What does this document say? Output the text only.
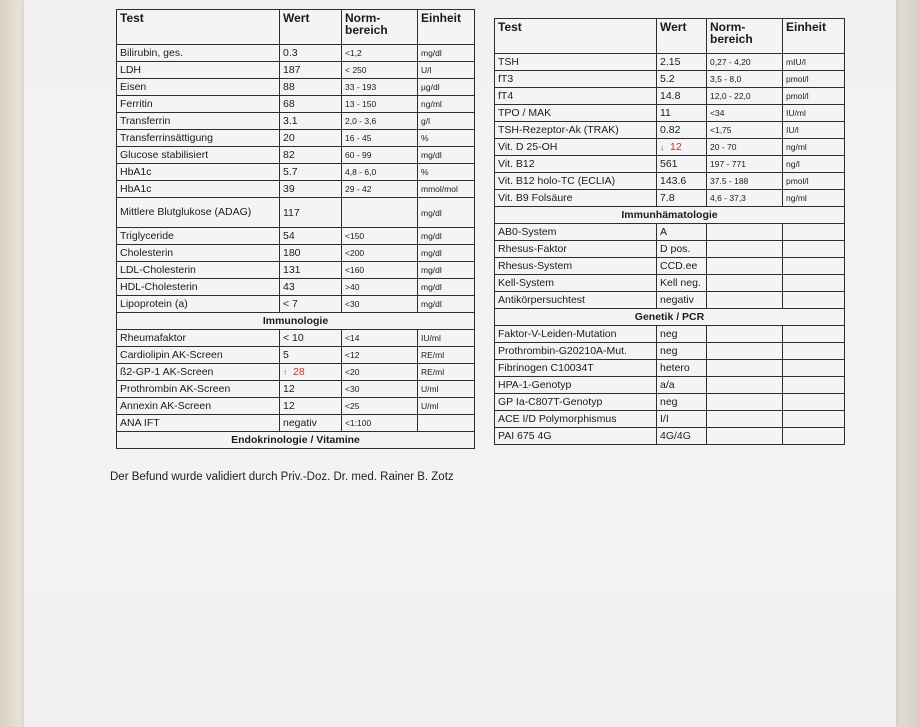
Test	Wert	Norm-
bereich	Einheit
Bilirubin, ges.	0.3	<1,2	mg/dl
LDH	187	< 250	U/l
Eisen	88	33 - 193	µg/dl
Ferritin	68	13 - 150	ng/ml
Transferrin	3.1	2,0 - 3,6	g/l
Transferrinsättigung	20	16 - 45	%
Glucose stabilisiert	82	60 - 99	mg/dl
HbA1c	5.7	4,8 - 6,0	%
HbA1c	39	29 - 42	mmol/mol
Mittlere Blutglukose (ADAG)	117		mg/dl
Triglyceride	54	<150	mg/dl
Cholesterin	180	<200	mg/dl
LDL-Cholesterin	131	<160	mg/dl
HDL-Cholesterin	43	>40	mg/dl
Lipoprotein (a)	< 7	<30	mg/dl
Immunologie			
Rheumafaktor	< 10	<14	IU/ml
Cardiolipin AK-Screen	5	<12	RE/ml
ß2-GP-1 AK-Screen	↑ 28	<20	RE/ml
Prothrombin AK-Screen	12	<30	U/ml
Annexin AK-Screen	12	<25	U/ml
ANA IFT	negativ	<1:100	
Endokrinologie / Vitamine			
Test	Wert	Norm-
bereich	Einheit
TSH	2.15	0,27 - 4,20	mIU/l
fT3	5.2	3,5 - 8,0	pmol/l
fT4	14.8	12,0 - 22,0	pmol/l
TPO / MAK	11	<34	IU/ml
TSH-Rezeptor-Ak (TRAK)	0.82	<1,75	IU/l
Vit. D 25-OH	↓ 12	20 - 70	ng/ml
Vit. B12	561	197 - 771	ng/l
Vit. B12 holo-TC (ECLIA)	143.6	37.5 - 188	pmol/l
Vit. B9 Folsäure	7.8	4,6 - 37,3	ng/ml
Immunhämatologie			
AB0-System	A		
Rhesus-Faktor	D pos.		
Rhesus-System	CCD.ee		
Kell-System	Kell neg.		
Antikörpersuchtest	negativ		
Genetik / PCR			
Faktor-V-Leiden-Mutation	neg		
Prothrombin-G20210A-Mut.	neg		
Fibrinogen C10034T	hetero		
HPA-1-Genotyp	a/a		
GP Ia-C807T-Genotyp	neg		
ACE I/D Polymorphismus	I/I		
PAI 675 4G	4G/4G		
Der Befund wurde validiert durch Priv.-Doz. Dr. med. Rainer B. Zotz
